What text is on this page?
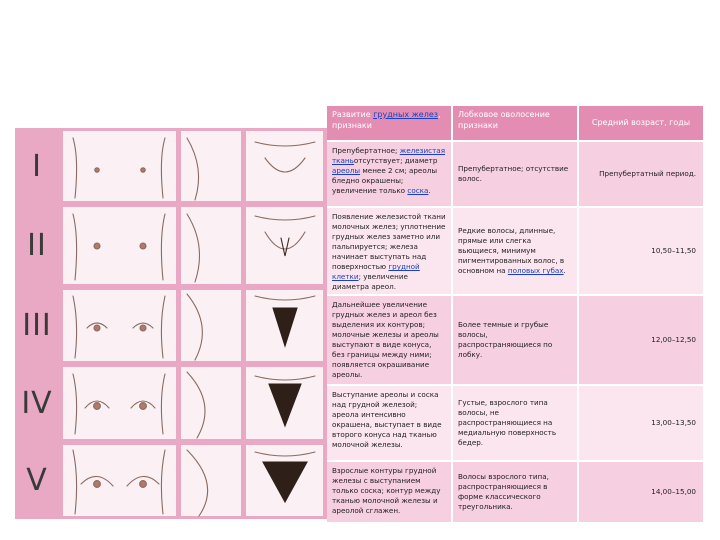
I
II
III
IV
V
Развитие грудных желез, признаки
Лобковое оволосение признаки	Средний возраст, годы
Препубертатное; железистая тканьотсутствует; диаметр ареолы менее 2 см; ареолы бледно окрашены; увеличение только соска.
Препубертатное; отсутствие волос.
Препубертатный период.
Появление железистой ткани молочных желез; уплотнение грудных желез заметно или пальпируется; железа начинает выступать над поверхностью грудной клетки; увеличение диаметра ареол.
Редкие волосы, длинные, прямые или слегка вьющиеся, минимум пигментированных волос, в основном на половых губах.
10,50–11,50
Дальнейшее увеличение грудных желез и ареол без выделения их контуров; молочные железы и ареолы выступают в виде конуса, без границы между ними; появляется окрашивание ареолы.
Более темные и грубые волосы, распространяющиеся по лобку.
12,00–12,50
Выступание ареолы и соска над грудной железой; ареола интенсивно окрашена, выступает в виде второго конуса над тканью молочной железы.
Густые, взрослого типа волосы, не распространяющиеся на медиальную поверхность бедер.
13,00–13,50
Взрослые контуры грудной железы с выступанием только соска; контур между тканью молочной железы и ареолой сглажен.
Волосы взрослого типа, распространяющиеся в форме классического треугольника.
14,00–15,00
